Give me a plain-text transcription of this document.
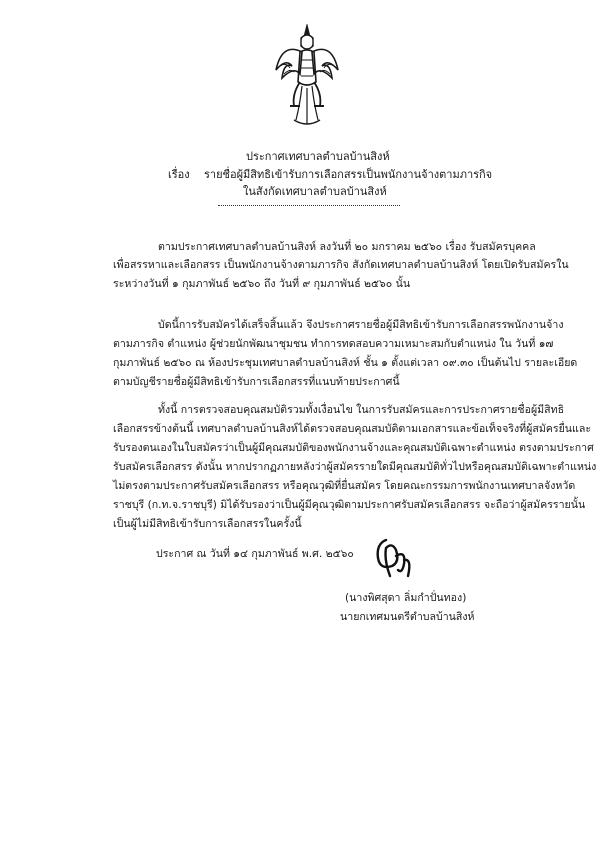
ประกาศเทศบาลตำบลบ้านสิงห์
เรื่อง รายชื่อผู้มีสิทธิเข้ารับการเลือกสรรเป็นพนักงานจ้างตามภารกิจ
ในสังกัดเทศบาลตำบลบ้านสิงห์
ตามประกาศเทศบาลตำบลบ้านสิงห์ ลงวันที่ ๒๐ มกราคม ๒๕๖๐ เรื่อง รับสมัครบุคคล
เพื่อสรรหาและเลือกสรร เป็นพนักงานจ้างตามภารกิจ สังกัดเทศบาลตำบลบ้านสิงห์ โดยเปิดรับสมัครใน
ระหว่างวันที่ ๑ กุมภาพันธ์ ๒๕๖๐ ถึง วันที่ ๙ กุมภาพันธ์ ๒๕๖๐ นั้น
บัดนี้การรับสมัครได้เสร็จสิ้นแล้ว จึงประกาศรายชื่อผู้มีสิทธิเข้ารับการเลือกสรรพนักงานจ้าง
ตามภารกิจ ตำแหน่ง ผู้ช่วยนักพัฒนาชุมชน ทำการทดสอบความเหมาะสมกับตำแหน่ง ใน วันที่ ๑๗
กุมภาพันธ์ ๒๕๖๐ ณ ห้องประชุมเทศบาลตำบลบ้านสิงห์ ชั้น ๑ ตั้งแต่เวลา ๐๙.๓๐ เป็นต้นไป รายละเอียด
ตามบัญชีรายชื่อผู้มีสิทธิเข้ารับการเลือกสรรที่แนบท้ายประกาศนี้
ทั้งนี้ การตรวจสอบคุณสมบัติรวมทั้งเงื่อนไข ในการรับสมัครและการประกาศรายชื่อผู้มีสิทธิ
เลือกสรรข้างต้นนี้ เทศบาลตำบลบ้านสิงห์ได้ตรวจสอบคุณสมบัติตามเอกสารและข้อเท็จจริงที่ผู้สมัครยื่นและ
รับรองตนเองในใบสมัครว่าเป็นผู้มีคุณสมบัติของพนักงานจ้างและคุณสมบัติเฉพาะตำแหน่ง ตรงตามประกาศ
รับสมัครเลือกสรร ดังนั้น หากปรากฏภายหลังว่าผู้สมัครรายใดมีคุณสมบัติทั่วไปหรือคุณสมบัติเฉพาะตำแหน่ง
ไม่ตรงตามประกาศรับสมัครเลือกสรร หรือคุณวุฒิที่ยื่นสมัคร โดยคณะกรรมการพนักงานเทศบาลจังหวัด
ราชบุรี (ก.ท.จ.ราชบุรี) มิได้รับรองว่าเป็นผู้มีคุณวุฒิตามประกาศรับสมัครเลือกสรร จะถือว่าผู้สมัครรายนั้น
เป็นผู้ไม่มีสิทธิเข้ารับการเลือกสรรในครั้งนี้
ประกาศ ณ วันที่ ๑๔ กุมภาพันธ์ พ.ศ. ๒๕๖๐
(นางพิศสุดา ลิ่มกำปั่นทอง)
นายกเทศมนตรีตำบลบ้านสิงห์
